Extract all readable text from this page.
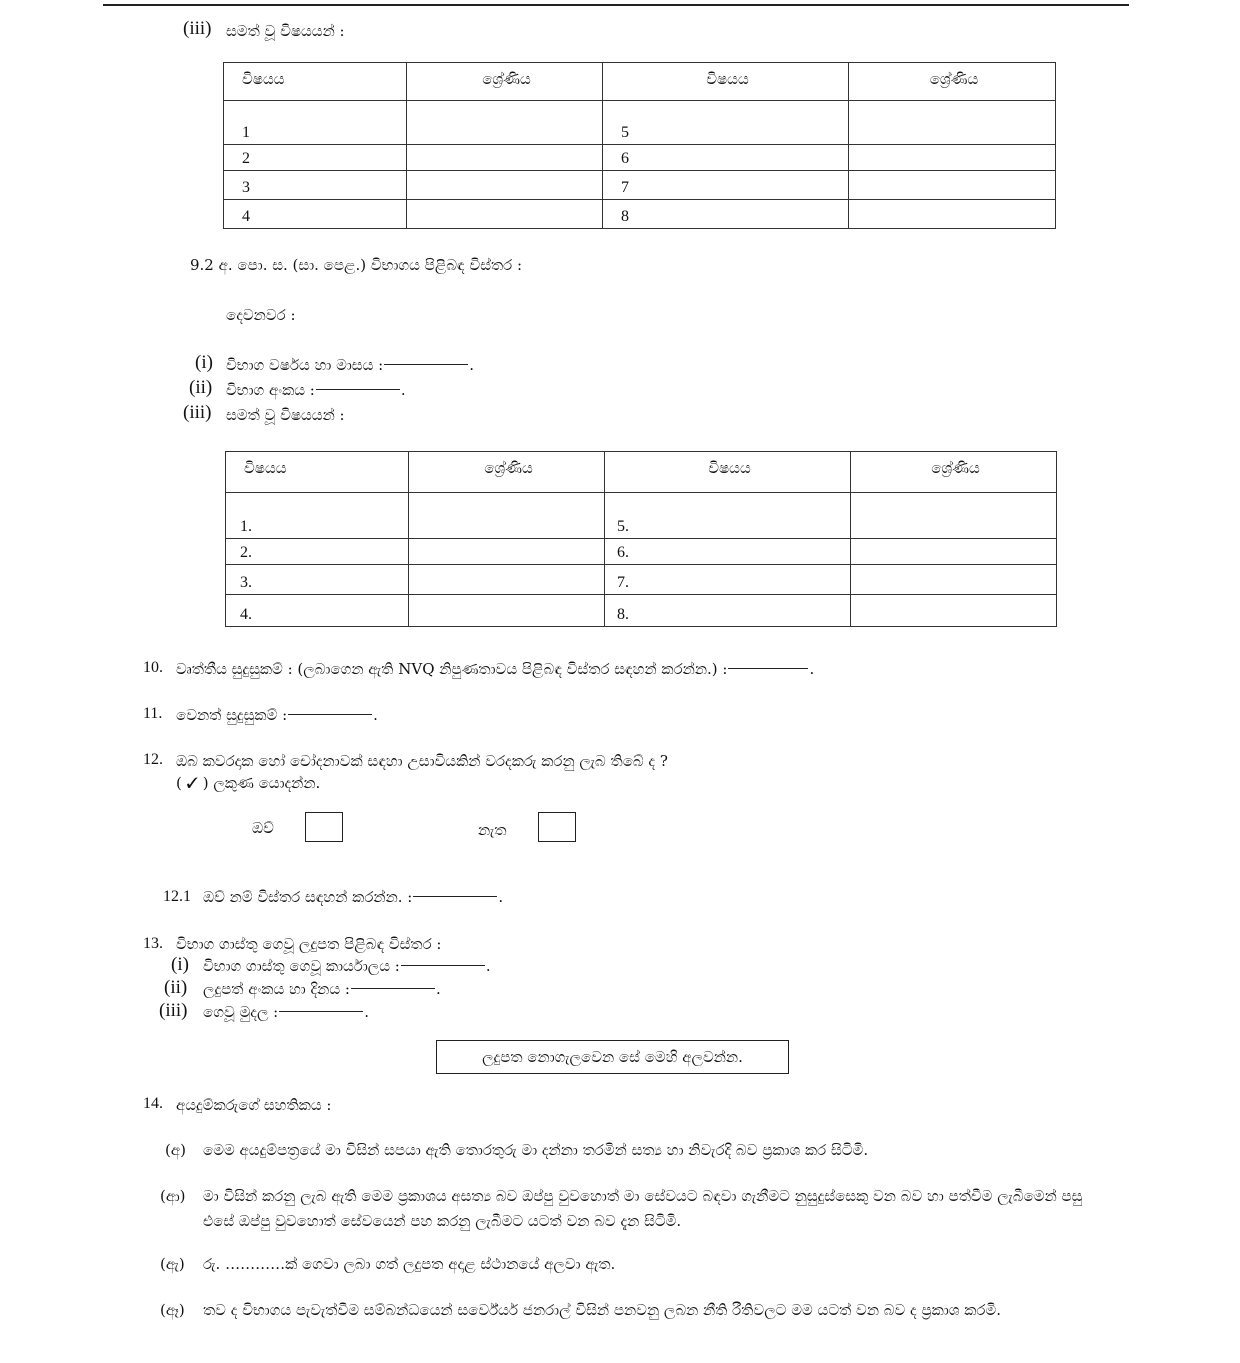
(iii) සමත් වූ විෂයයන් :
විෂයය	ශ්‍රේණිය	විෂයය	ශ්‍රේණිය
1		5	
2		6	
3		7	
4		8	
9.2 අ. පො. ස. (සා. පෙළ.) විභාගය පිළිබඳ විස්තර :
දෙවනවර :
(i) විභාග වර්ෂය හා මාසය :	.
(ii) විභාග අංකය :	.
(iii) සමත් වූ විෂයයන් :
විෂයය	ශ්‍රේණිය	විෂයය	ශ්‍රේණිය
1.		5.	
2.		6.	
3.		7.	
4.		8.	
10. වෘත්තීය සුදුසුකම් : (ලබාගෙන ඇති NVQ නිපුණතාවය පිළිබඳ විස්තර සඳහන් කරන්න.) :	.
11. වෙනත් සුදුසුකම් :	.
12. ඔබ කවරදාක හෝ චෝදනාවක් සඳහා උසාවියකින් වරදකරු කරනු ලැබ තිබේ ද ?
( ✓ ) ලකුණ යොදන්න.
ඔව්	නැත
12.1 ඔව් නම් විස්තර සඳහන් කරන්න. :	.
13. විභාග ගාස්තු ගෙවූ ලදුපත පිළිබඳ විස්තර :
(i) විභාග ගාස්තු ගෙවූ කාර්යාලය :	.
(ii) ලදුපත් අංකය හා දිනය :	.
(iii) ගෙවූ මුදල :	.
ලදුපත නොගැලවෙන සේ මෙහි අලවන්න.
14. අයදුම්කරුගේ සහතිකය :
(අ) මෙම අයදුම්පත්‍රයේ මා විසින් සපයා ඇති තොරතුරු මා දන්නා තරමින් සත්‍ය හා නිවැරදි බව ප්‍රකාශ කර සිටිමි.
(ආ) මා විසින් කරනු ලැබ ඇති මෙම ප්‍රකාශය අසත්‍ය බව ඔප්පු වුවහොත් මා සේවයට බඳවා ගැනීමට නුසුදුස්සෙකු වන බව හා පත්වීම ලැබීමෙන් පසු එසේ ඔප්පු වුවහොත් සේවයෙන් පහ කරනු ලැබීමට යටත් වන බව දැන සිටිමි.
(ඇ) රු. …………ක් ගෙවා ලබා ගත් ලදුපත අදාළ ස්ථානයේ අලවා ඇත.
(ඈ) තව ද විභාගය පැවැත්වීම සම්බන්ධයෙන් සර්වේයර් ජනරාල් විසින් පනවනු ලබන නීති රීතිවලට මම යටත් වන බව ද ප්‍රකාශ කරමි.
